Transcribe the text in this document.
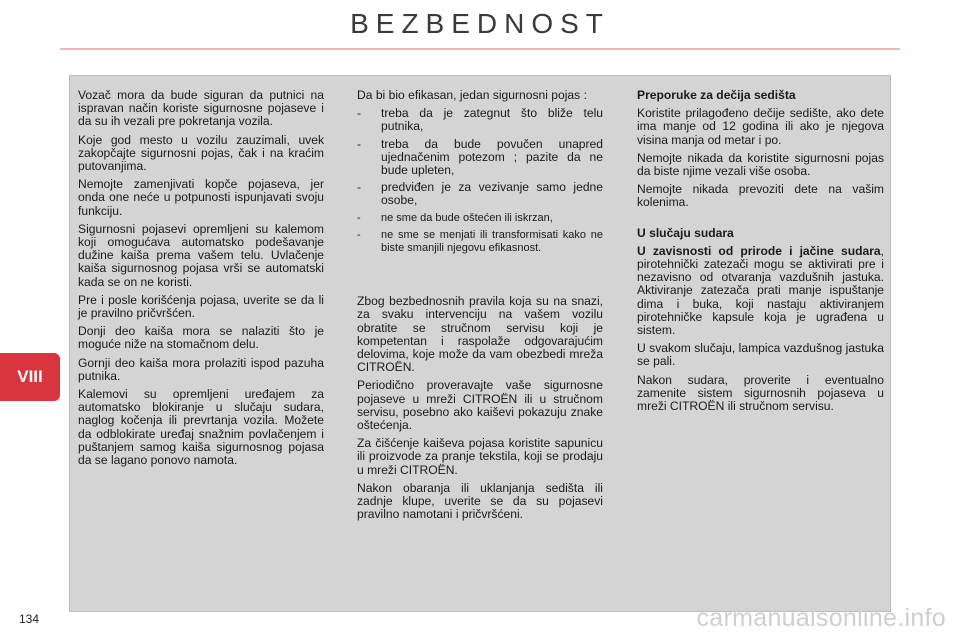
BEZBEDNOST
VIII

Vozač mora da bude siguran da putnici na ispravan način koriste sigurnosne pojaseve i da su ih vezali pre pokretanja vozila.

Koje god mesto u vozilu zauzimali, uvek zakopčajte sigurnosni pojas, čak i na kraćim putovanjima.

Nemojte zamenjivati kopče pojaseva, jer onda one neće u potpunosti ispunjavati svoju funkciju.

Sigurnosni pojasevi opremljeni su kalemom koji omogućava automatsko podešavanje dužine kaiša prema vašem telu. Uvlačenje kaiša sigurnosnog pojasa vrši se automatski kada se on ne koristi.

Pre i posle korišćenja pojasa, uverite se da li je pravilno pričvršćen.

Donji deo kaiša mora se nalaziti što je moguće niže na stomačnom delu.

Gornji deo kaiša mora prolaziti ispod pazuha putnika.

Kalemovi su opremljeni uređajem za automatsko blokiranje u slučaju sudara, naglog kočenja ili prevrtanja vozila. Možete da odblokirate uređaj snažnim povlačenjem i puštanjem samog kaiša sigurnosnog pojasa da se lagano ponovo namota.

Da bi bio efikasan, jedan sigurnosni pojas :

- treba da je zategnut što bliže telu putnika,
- treba da bude povučen unapred ujednačenim potezom ; pazite da ne bude upleten,
- predviđen je za vezivanje samo jedne osobe,
- ne sme da bude oštećen ili iskrzan,
- ne sme se menjati ili transformisati kako ne biste smanjili njegovu efikasnost.

Zbog bezbednosnih pravila koja su na snazi, za svaku intervenciju na vašem vozilu obratite se stručnom servisu koji je kompetentan i raspolaže odgovarajućim delovima, koje može da vam obezbedi mreža CITROËN.

Periodično proveravajte vaše sigurnosne pojaseve u mreži CITROËN ili u stručnom servisu, posebno ako kaiševi pokazuju znake oštećenja.

Za čišćenje kaiševa pojasa koristite sapunicu ili proizvode za pranje tekstila, koji se prodaju u mreži CITROËN.

Nakon obaranja ili uklanjanja sedišta ili zadnje klupe, uverite se da su pojasevi pravilno namotani i pričvršćeni.

Preporuke za dečija sedišta

Koristite prilagođeno dečije sedište, ako dete ima manje od 12 godina ili ako je njegova visina manja od metar i po.

Nemojte nikada da koristite sigurnosni pojas da biste njime vezali više osoba.

Nemojte nikada prevoziti dete na vašim kolenima.

U slučaju sudara

U zavisnosti od prirode i jačine sudara, pirotehnički zatezači mogu se aktivirati pre i nezavisno od otvaranja vazdušnih jastuka. Aktiviranje zatezača prati manje ispuštanje dima i buka, koji nastaju aktiviranjem pirotehničke kapsule koja je ugrađena u sistem.

U svakom slučaju, lampica vazdušnog jastuka se pali.

Nakon sudara, proverite i eventualno zamenite sistem sigurnosnih pojaseva u mreži CITROËN ili stručnom servisu.

134	carmanualsonline.info
